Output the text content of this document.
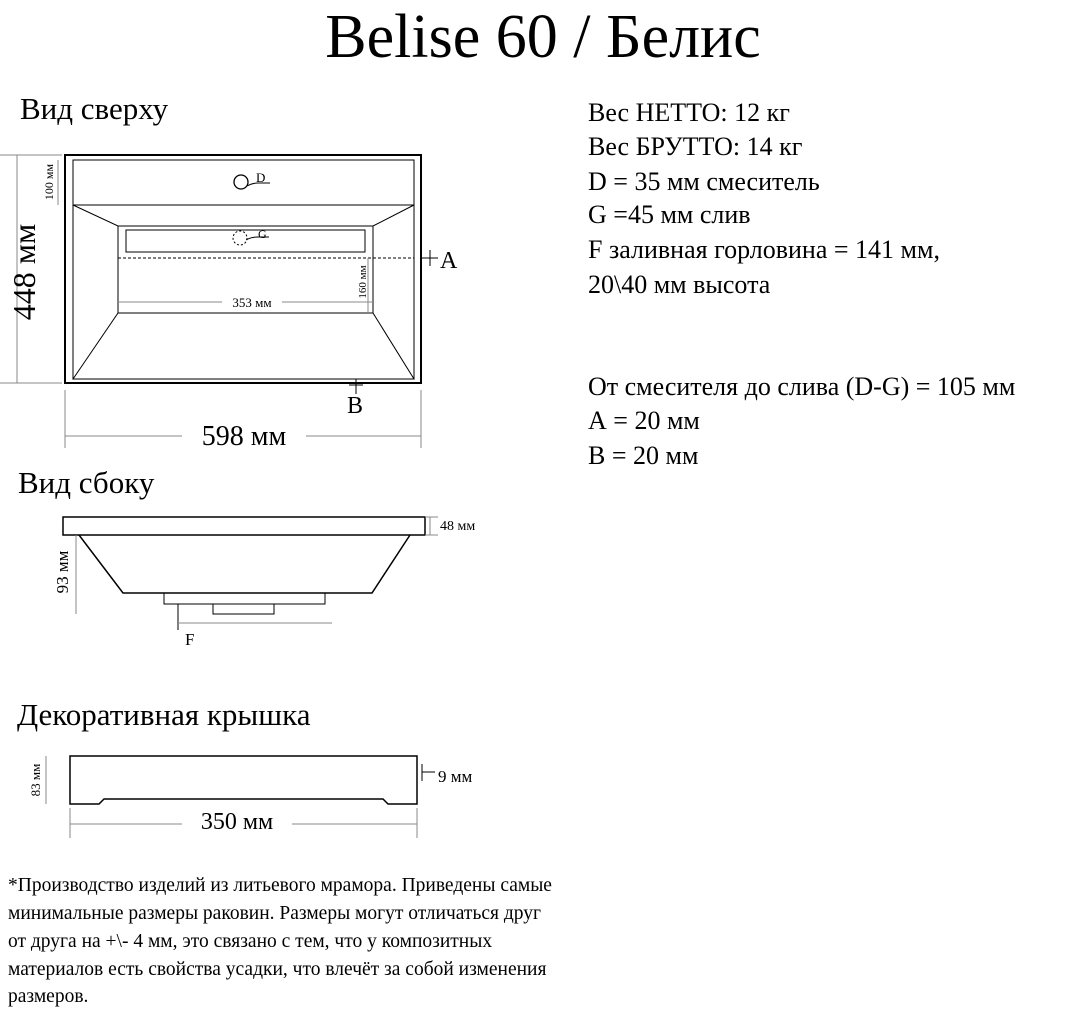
Belise 60 / Белис
Вид сверху
Вид сбоку
Декоративная крышка
Вес НЕТТО: 12 кг
Вес БРУТТО: 14 кг
D = 35 мм смеситель
G =45 мм слив
F заливная горловина = 141 мм,
20\40 мм высота
От смесителя до слива (D-G) = 105 мм
А = 20 мм
В = 20 мм
448 мм
100 мм
598 мм
353 мм
160 мм
D
G
A
B
48 мм
93 мм
F
9 мм
83 мм
350 мм
*Производство изделий из литьевого мрамора. Приведены самые
минимальные размеры раковин. Размеры могут отличаться друг
от друга на +\- 4 мм, это связано с тем, что у композитных
материалов есть свойства усадки, что влечёт за собой изменения
размеров.
